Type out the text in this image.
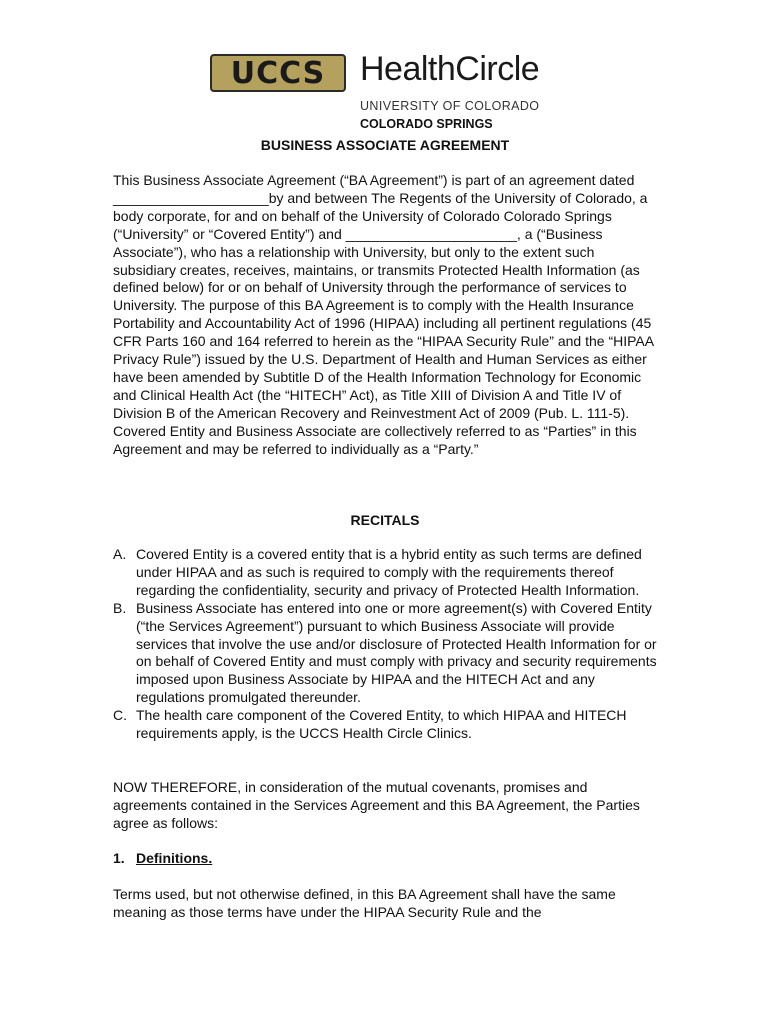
UCCS	HealthCircle
UNIVERSITY OF COLORADO
COLORADO SPRINGS
BUSINESS ASSOCIATE AGREEMENT

This Business Associate Agreement (“BA Agreement”) is part of an agreement dated ____________________by and between The Regents of the University of Colorado, a body corporate, for and on behalf of the University of Colorado Colorado Springs (“University” or “Covered Entity”) and ______________________, a (“Business Associate”), who has a relationship with University, but only to the extent such subsidiary creates, receives, maintains, or transmits Protected Health Information (as defined below) for or on behalf of University through the performance of services to University. The purpose of this BA Agreement is to comply with the Health Insurance Portability and Accountability Act of 1996 (HIPAA) including all pertinent regulations (45 CFR Parts 160 and 164 referred to herein as the “HIPAA Security Rule” and the “HIPAA Privacy Rule”) issued by the U.S. Department of Health and Human Services as either have been amended by Subtitle D of the Health Information Technology for Economic and Clinical Health Act (the “HITECH” Act), as Title XIII of Division A and Title IV of Division B of the American Recovery and Reinvestment Act of 2009 (Pub. L. 111-5). Covered Entity and Business Associate are collectively referred to as “Parties” in this Agreement and may be referred to individually as a “Party.”

RECITALS
A. Covered Entity is a covered entity that is a hybrid entity as such terms are defined under HIPAA and as such is required to comply with the requirements thereof regarding the confidentiality, security and privacy of Protected Health Information.
B. Business Associate has entered into one or more agreement(s) with Covered Entity (“the Services Agreement”) pursuant to which Business Associate will provide services that involve the use and/or disclosure of Protected Health Information for or on behalf of Covered Entity and must comply with privacy and security requirements imposed upon Business Associate by HIPAA and the HITECH Act and any regulations promulgated thereunder.
C. The health care component of the Covered Entity, to which HIPAA and HITECH requirements apply, is the UCCS Health Circle Clinics.

NOW THEREFORE, in consideration of the mutual covenants, promises and agreements contained in the Services Agreement and this BA Agreement, the Parties agree as follows:

1. Definitions.

Terms used, but not otherwise defined, in this BA Agreement shall have the same meaning as those terms have under the HIPAA Security Rule and the
